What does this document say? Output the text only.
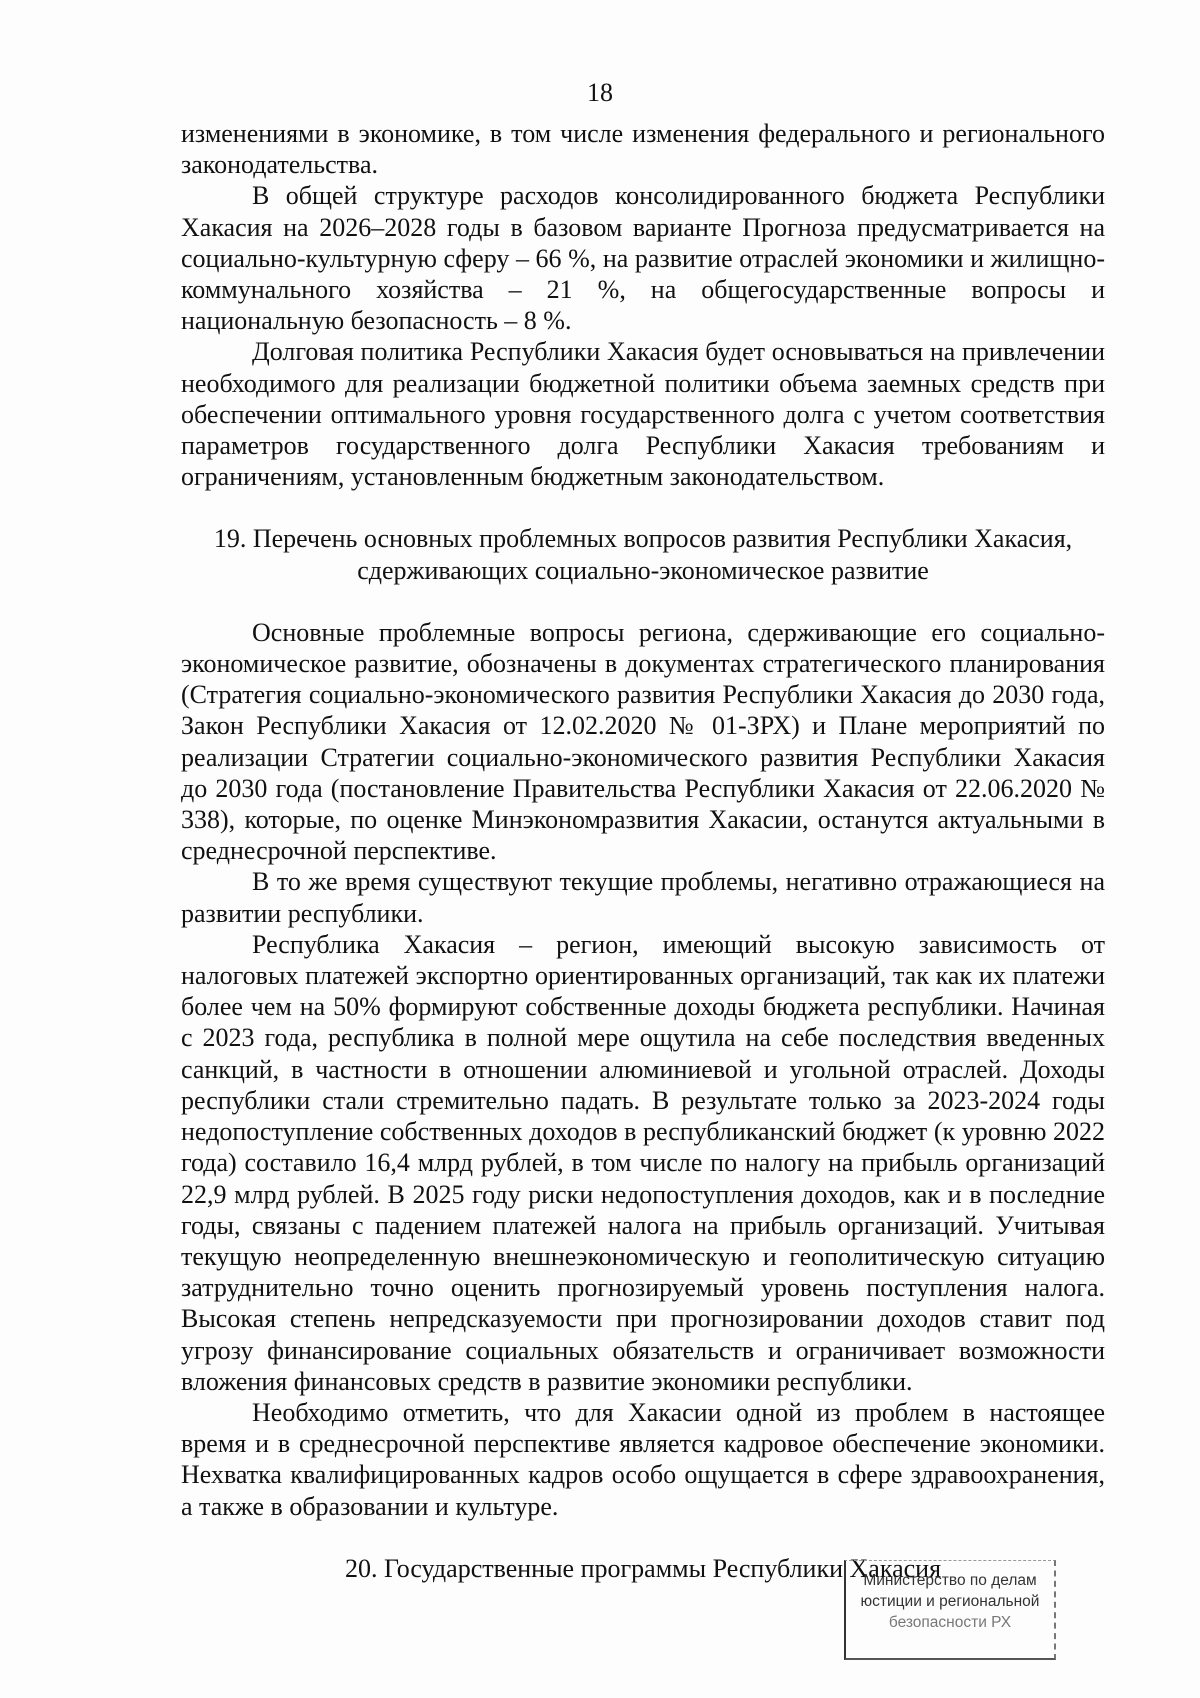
18

изменениями в экономике, в том числе изменения федерального и регионального законодательства.

В общей структуре расходов консолидированного бюджета Республики Хакасия на 2026–2028 годы в базовом варианте Прогноза предусматривается на социально-культурную сферу – 66 %, на развитие отраслей экономики и жилищно-коммунального хозяйства – 21 %, на общегосударственные вопросы и национальную безопасность – 8 %.

Долговая политика Республики Хакасия будет основываться на привлечении необходимого для реализации бюджетной политики объема заемных средств при обеспечении оптимального уровня государственного долга с учетом соответствия параметров государственного долга Республики Хакасия требованиям и ограничениям, установленным бюджетным законодательством.

19. Перечень основных проблемных вопросов развития Республики Хакасия,

сдерживающих социально-экономическое развитие

Основные проблемные вопросы региона, сдерживающие его социально-экономическое развитие, обозначены в документах стратегического планирования (Стратегия социально-экономического развития Республики Хакасия до 2030 года, Закон Республики Хакасия от 12.02.2020 № 01-ЗРХ) и Плане мероприятий по реализации Стратегии социально-экономического развития Республики Хакасия до 2030 года (постановление Правительства Республики Хакасия от 22.06.2020 № 338), которые, по оценке Минэкономразвития Хакасии, останутся актуальными в среднесрочной перспективе.

В то же время существуют текущие проблемы, негативно отражающиеся на развитии республики.

Республика Хакасия – регион, имеющий высокую зависимость от налоговых платежей экспортно ориентированных организаций, так как их платежи более чем на 50% формируют собственные доходы бюджета республики. Начиная с 2023 года, республика в полной мере ощутила на себе последствия введенных санкций, в частности в отношении алюминиевой и угольной отраслей. Доходы республики стали стремительно падать. В результате только за 2023-2024 годы недопоступление собственных доходов в республиканский бюджет (к уровню 2022 года) составило 16,4 млрд рублей, в том числе по налогу на прибыль организаций 22,9 млрд рублей. В 2025 году риски недопоступления доходов, как и в последние годы, связаны с падением платежей налога на прибыль организаций. Учитывая текущую неопределенную внешнеэкономическую и геополитическую ситуацию затруднительно точно оценить прогнозируемый уровень поступления налога. Высокая степень непредсказуемости при прогнозировании доходов ставит под угрозу финансирование социальных обязательств и ограничивает возможности вложения финансовых средств в развитие экономики республики.

Необходимо отметить, что для Хакасии одной из проблем в настоящее время и в среднесрочной перспективе является кадровое обеспечение экономики. Нехватка квалифицированных кадров особо ощущается в сфере здравоохранения, а также в образовании и культуре.

20. Государственные программы Республики Хакасия

Министерство по делам
юстиции и региональной
безопасности РХ
